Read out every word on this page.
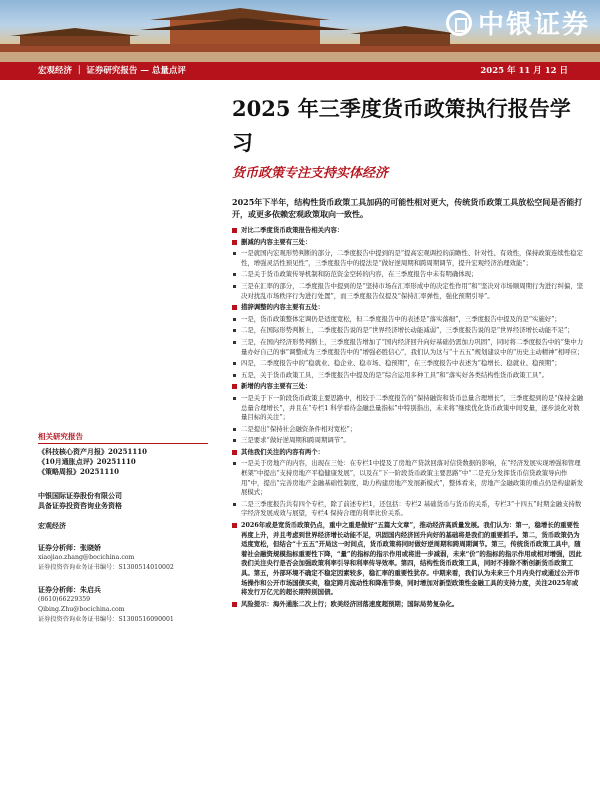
中银证券
宏观经济 ｜ 证券研究报告 — 总量点评	2025 年 11 月 12 日
2025 年三季度货币政策执行报告学习
货币政策专注支持实体经济
2025年下半年，结构性货币政策工具加码的可能性相对更大，传统货币政策工具放松空间是否能打开，或更多依赖宏观政策取向一致性。

对比二季度货币政策报告相关内容：

删减的内容主要有三处：

一是就国内宏观形势判断的部分，二季度报告中提到的是“提高宏观调控的前瞻性、针对性、有效性，保持政策连续性稳定性，增强灵活性预见性”，三季度报告中的提法是“做好逆周期和跨周期调节，提升宏观经济治理效能”；

二是关于货币政策传导机制和防范资金空转的内容，在三季度报告中未有明确体现；

三是在汇率的部分，二季度报告中提到的是“坚持市场在汇率形成中的决定性作用”和“坚决对市场顺周期行为进行纠偏，坚决对扰乱市场秩序行为进行处置”，而三季度报告仅提及“保持汇率弹性，强化预期引导”。

措辞调整的内容主要有五处：

一是，货币政策整体定调仍是适度宽松，但二季度报告中的表述是“落实落细”，三季度报告中提及的是“实施好”；

二是，在国际形势判断上，二季度报告说的是“世界经济增长动能减弱”，三季度报告说的是“世界经济增长动能不足”；

三是，在国内经济形势判断上，三季度报告增加了“国内经济回升向好基础仍需加力巩固”，同时将二季度报告中的“集中力量办好自己的事”调整成为三季度报告中的“增强必胜信心”，我们认为这与“十五五”规划建议中的“历史主动精神”相呼应；

四是，二季度报告中的“稳就业、稳企业、稳市场、稳预期”，在三季度报告中表述为“稳增长、稳就业、稳预期”；

五是，关于货币政策工具，三季度报告中提及的是“综合运用多种工具”和“落实好各类结构性货币政策工具”。

新增的内容主要有三处：

一是关于下一阶段货币政策主要思路中，相较于二季度报告的“保持融资和货币总量合理增长”，三季度提到的是“保持金融总量合理增长”，并且在“专栏1 科学看待金融总量指标”中特别指出，未来将“继续优化货币政策中间变量，逐步淡化对数量目标的关注”；

二是提出“保持社会融资条件相对宽松”；

三是要求“做好逆周期和跨周期调节”。

其他我们关注的内容有两个：

一是关于房地产的内容，出现在三处：在专栏1中提及了房地产贷款回落对信贷数据的影响，在“经济发展实现增强和管理框架”中提出“支持房地产平稳健康发展”，以及在“下一阶段货币政策主要思路”中“二是充分发挥货币信贷政策导向作用”中，提出“完善房地产金融基础性制度，助力构建房地产发展新模式”，整体看来，房地产金融政策的重点仍是构建新发展模式；

二是三季度报告共有四个专栏，除了前述专栏1，还包括：专栏2 基础货币与货币的关系，专栏3“十四五”时期金融支持数字经济发展成效与展望，专栏4 保持合理的利率比价关系。

2026年或是宽货币政策仍点，重中之重是做好“五篇大文章”，推动经济高质量发展。我们认为：第一，稳增长的重要性再度上升，并且考虑到世界经济增长动能不足，巩固国内经济回升向好的基础将是我们的重要抓手。第二，货币政策仍为适度宽松，但结合“十五五”开局这一时间点，货币政策将同时做好逆周期和跨周期调节。第三，传统货币政策工具中，随着社会融资规模指标重要性下降，“量”的指标的指示作用或将进一步减弱，未来“价”的指标的指示作用或相对增强，因此我们关注央行是否会加强政策利率引导和利率传导效率。第四，结构性货币政策工具，同时不排除不断创新货币政策工具。第五，外部环境不确定不稳定因素较多，稳汇率的重要性犹存。中期来看，我们认为未来三个月内央行或通过公开市场操作和公开市场国债买卖，稳定跨月流动性和降准节奏，同时增加对新型政策性金融工具的支持力度，关注2025年或将发行万亿元的超长期特别国债。

风险提示：海外通胀二次上行；欧美经济回落速度超预期；国际局势复杂化。

相关研究报告
《科技核心资产月报》20251110
《10月通胀点评》20251110
《策略周报》20251110
中银国际证券股份有限公司
具备证券投资咨询业务资格
宏观经济
证券分析师：张晓娇
xiaojiao.zhang@bocichina.com
证券投资咨询业务证书编号：S1300514010002
证券分析师：朱启兵
(8610)66229359
Qibing.Zhu@bocichina.com
证券投资咨询业务证书编号：S1300516090001
